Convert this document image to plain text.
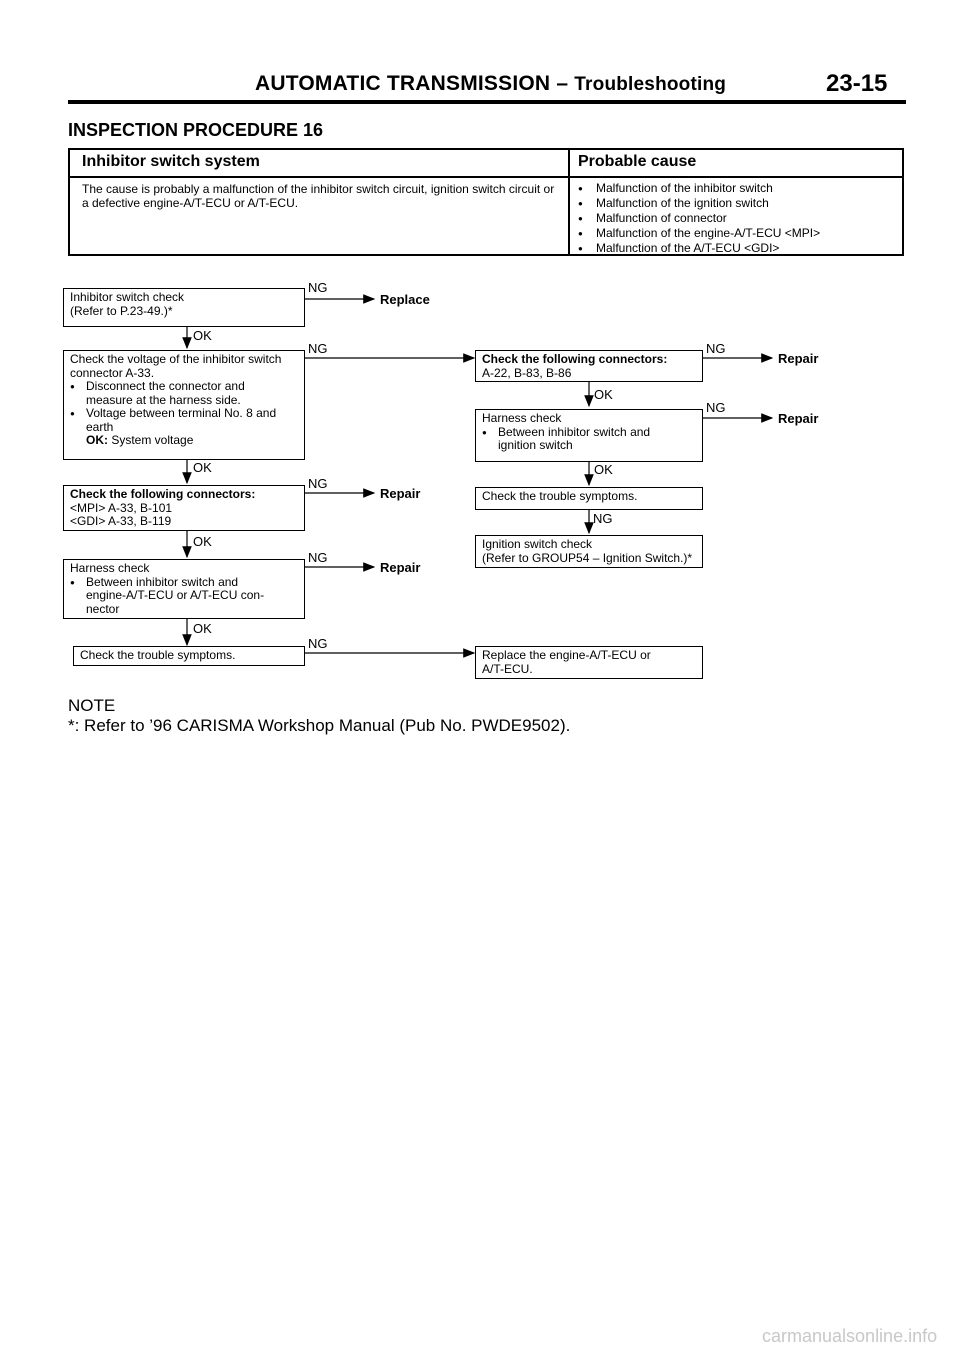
AUTOMATIC TRANSMISSION – Troubleshooting	23-15
INSPECTION PROCEDURE 16
Inhibitor switch system	Probable cause
The cause is probably a malfunction of the inhibitor switch circuit, ignition switch circuit or a defective engine-A/T-ECU or A/T-ECU.
● Malfunction of the inhibitor switch
● Malfunction of the ignition switch
● Malfunction of connector
● Malfunction of the engine-A/T-ECU <MPI>
● Malfunction of the A/T-ECU <GDI>
Inhibitor switch check
(Refer to P.23-49.)*
Check the voltage of the inhibitor switch
connector A-33.
● Disconnect the connector and
measure at the harness side.
● Voltage between terminal No. 8 and
earth
OK: System voltage
Check the following connectors:
<MPI> A-33, B-101
<GDI> A-33, B-119
Harness check
● Between inhibitor switch and
engine-A/T-ECU or A/T-ECU con-
nector
Check the trouble symptoms.
Check the following connectors:
A-22, B-83, B-86
Harness check
● Between inhibitor switch and
ignition switch
Check the trouble symptoms.
Ignition switch check
(Refer to GROUP54 – Ignition Switch.)*
Replace the engine-A/T-ECU or
A/T-ECU.
NG
NG
NG
NG
NG
NG
NG
NG
OK
OK
OK
OK
OK
OK
Replace
Repair
Repair
Repair
Repair
NOTE
*: Refer to ’96 CARISMA Workshop Manual (Pub No. PWDE9502).
carmanualsonline.info
